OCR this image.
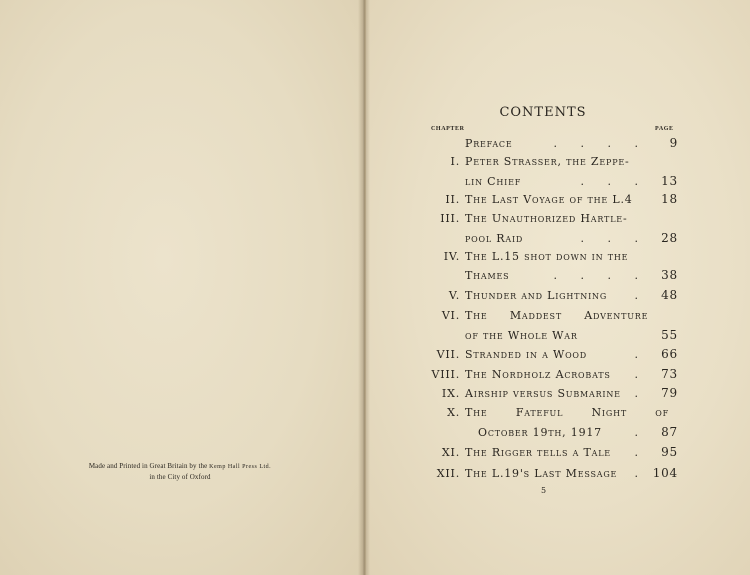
Made and Printed in Great Britain by the Kemp Hall Press Ltd.
in the City of Oxford
CONTENTS
CHAPTER	PAGE
Preface	. . . . 9
I. Peter Strasser, the Zeppe-
lin Chief	. . . 13
II. The Last Voyage of the L.4 18
III. The Unauthorized Hartle-
pool Raid	. . . 28
IV. The L.15 shot down in the
Thames	. . . . 38
V. Thunder and Lightning	. 48
VI. The Maddest Adventure
of the Whole War	55
VII. Stranded in a Wood	. 66
VIII. The Nordholz Acrobats	. 73
IX. Airship versus Submarine	. 79
X. The Fateful Night of
October 19th, 1917	. 87
XI. The Rigger tells a Tale	. 95
XII. The L.19's Last Message	. 104
5
